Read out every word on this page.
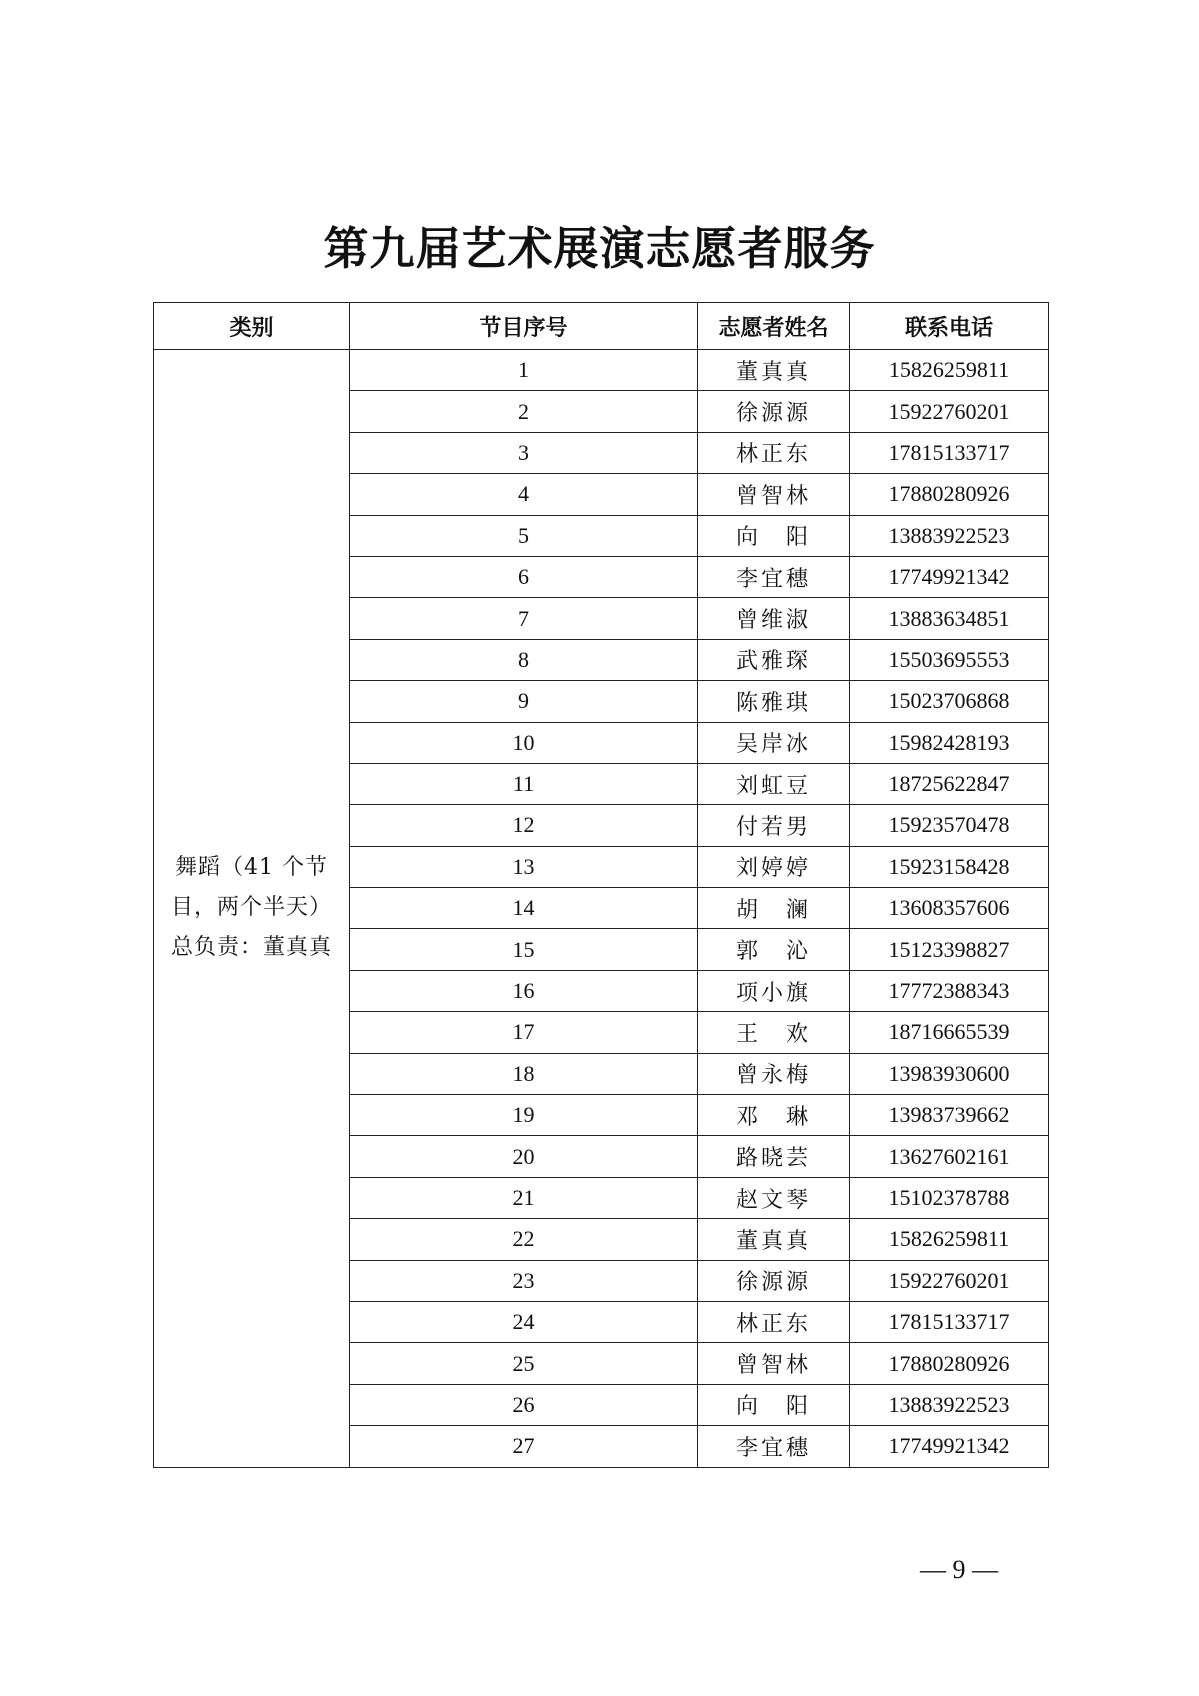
第九届艺术展演志愿者服务
类别	节目序号	志愿者姓名	联系电话

舞蹈（41 个节
目，两个半天）
总负责：董真真	1	董真真	15826259811
	2	徐源源	15922760201
	3	林正东	17815133717
	4	曾智林	17880280926
	5	向　阳	13883922523
	6	李宜穗	17749921342
	7	曾维淑	13883634851
	8	武雅琛	15503695553
	9	陈雅琪	15023706868
	10	吴岸冰	15982428193
	11	刘虹豆	18725622847
	12	付若男	15923570478
	13	刘婷婷	15923158428
	14	胡　澜	13608357606
	15	郭　沁	15123398827
	16	项小旗	17772388343
	17	王　欢	18716665539
	18	曾永梅	13983930600
	19	邓　琳	13983739662
	20	路晓芸	13627602161
	21	赵文琴	15102378788
	22	董真真	15826259811
	23	徐源源	15922760201
	24	林正东	17815133717
	25	曾智林	17880280926
	26	向　阳	13883922523
	27	李宜穗	17749921342
— 9 —
